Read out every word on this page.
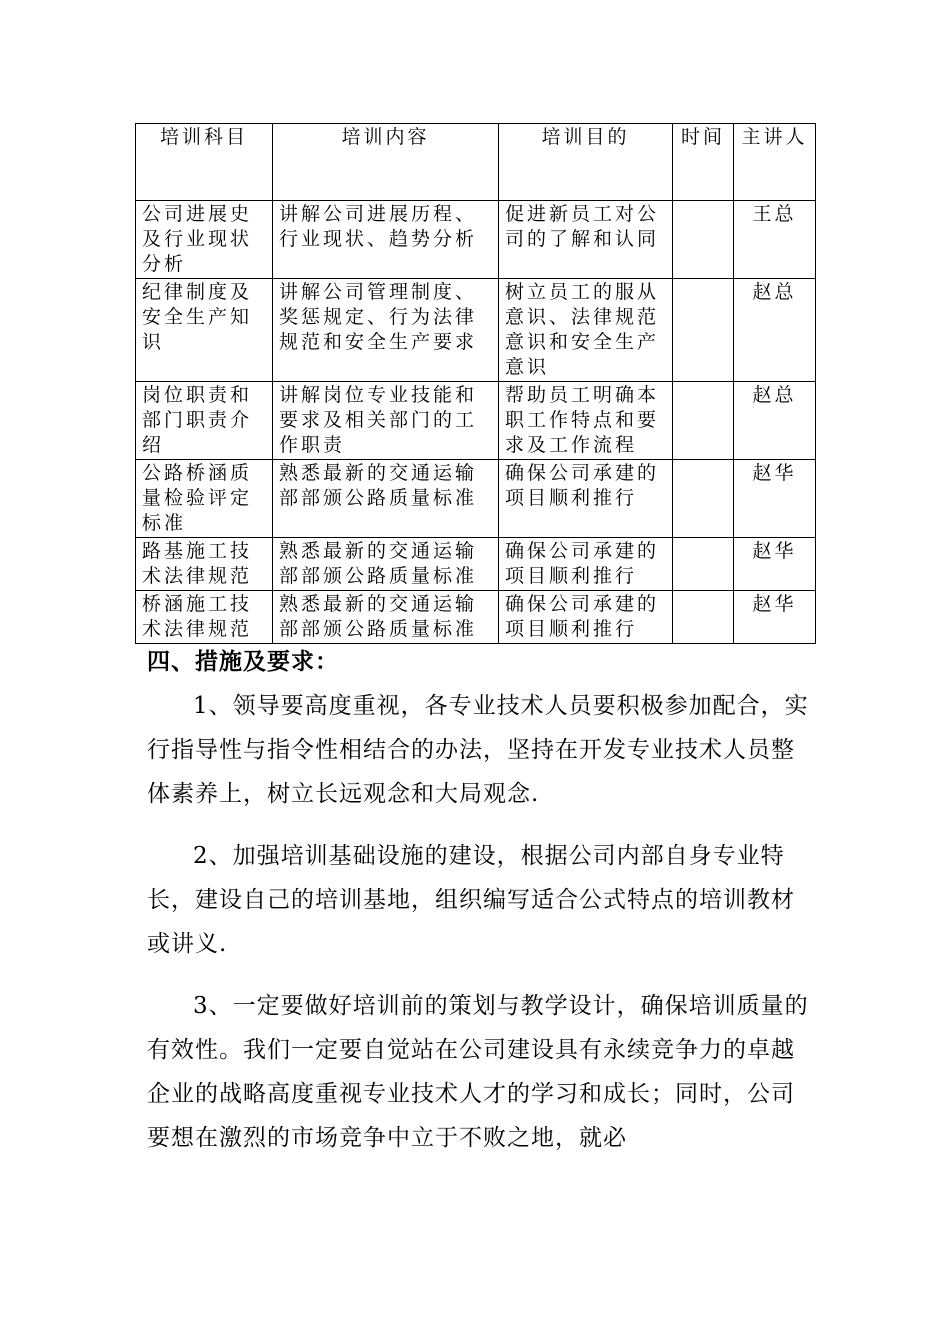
培训科目	培训内容	培训目的	时间	主讲人
公司进展史及行业现状分析	讲解公司进展历程、行业现状、趋势分析	促进新员工对公司的了解和认同		王总
纪律制度及安全生产知识	讲解公司管理制度、奖惩规定、行为法律规范和安全生产要求	树立员工的服从意识、法律规范意识和安全生产意识		赵总
岗位职责和部门职责介绍	讲解岗位专业技能和要求及相关部门的工作职责	帮助员工明确本职工作特点和要求及工作流程		赵总
公路桥涵质量检验评定标准	熟悉最新的交通运输部部颁公路质量标准	确保公司承建的项目顺利推行		赵华
路基施工技术法律规范	熟悉最新的交通运输部部颁公路质量标准	确保公司承建的项目顺利推行		赵华
桥涵施工技术法律规范	熟悉最新的交通运输部部颁公路质量标准	确保公司承建的项目顺利推行		赵华
四、措施及要求：

1、领导要高度重视，各专业技术人员要积极参加配合，实行指导性与指令性相结合的办法，坚持在开发专业技术人员整体素养上，树立长远观念和大局观念.

2、加强培训基础设施的建设，根据公司内部自身专业特长，建设自己的培训基地，组织编写适合公式特点的培训教材或讲义.

3、一定要做好培训前的策划与教学设计，确保培训质量的有效性。我们一定要自觉站在公司建设具有永续竞争力的卓越企业的战略高度重视专业技术人才的学习和成长；同时，公司要想在激烈的市场竞争中立于不败之地，就必
